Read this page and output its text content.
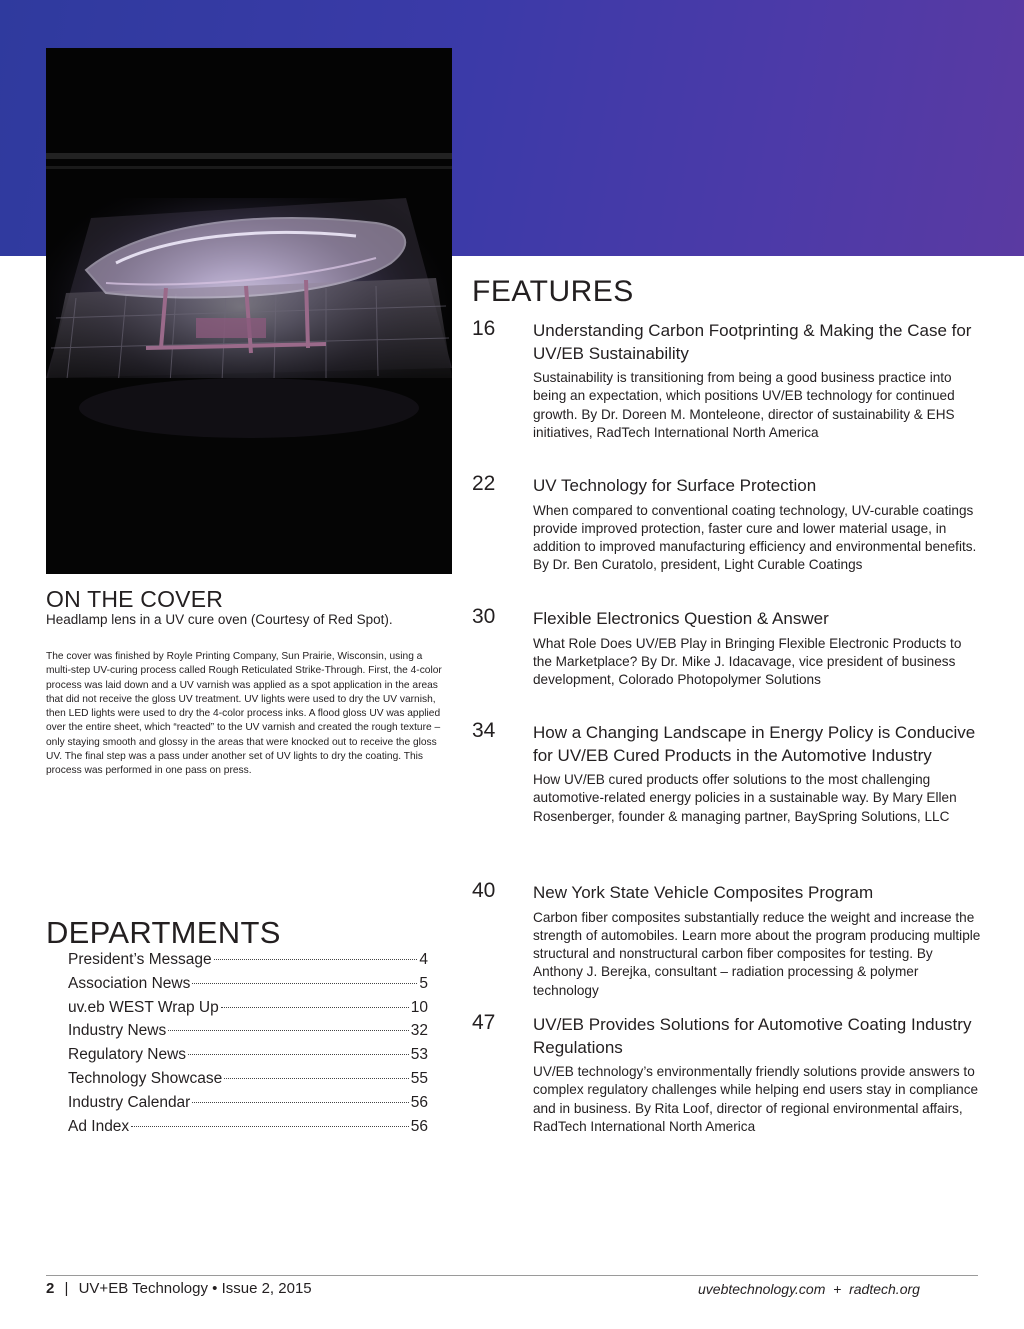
ON THE COVER
Headlamp lens in a UV cure oven (Courtesy of Red Spot).
The cover was finished by Royle Printing Company, Sun Prairie, Wisconsin, using a multi-step UV-curing process called Rough Reticulated Strike-Through. First, the 4-color process was laid down and a UV varnish was applied as a spot application in the areas that did not receive the gloss UV treatment. UV lights were used to dry the UV varnish, then LED lights were used to dry the 4-color process inks. A flood gloss UV was applied over the entire sheet, which “reacted” to the UV varnish and created the rough texture – only staying smooth and glossy in the areas that were knocked out to receive the gloss UV. The final step was a pass under another set of UV lights to dry the coating. This process was performed in one pass on press.
DEPARTMENTS
President’s Message	4
Association News	5
uv.eb WEST Wrap Up	10
Industry News	32
Regulatory News	53
Technology Showcase	55
Industry Calendar	56
Ad Index	56
FEATURES
16 Understanding Carbon Footprinting & Making the Case for UV/EB Sustainability
Sustainability is transitioning from being a good business practice into being an expectation, which positions UV/EB technology for continued growth. By Dr. Doreen M. Monteleone, director of sustainability & EHS initiatives, RadTech International North America
22 UV Technology for Surface Protection
When compared to conventional coating technology, UV-curable coatings provide improved protection, faster cure and lower material usage, in addition to improved manufacturing efficiency and environmental benefits. By Dr. Ben Curatolo, president, Light Curable Coatings
30 Flexible Electronics Question & Answer
What Role Does UV/EB Play in Bringing Flexible Electronic Products to the Marketplace? By Dr. Mike J. Idacavage, vice president of business development, Colorado Photopolymer Solutions
34 How a Changing Landscape in Energy Policy is Conducive for UV/EB Cured Products in the Automotive Industry
How UV/EB cured products offer solutions to the most challenging automotive-related energy policies in a sustainable way. By Mary Ellen Rosenberger, founder & managing partner, BaySpring Solutions, LLC
40 New York State Vehicle Composites Program
Carbon fiber composites substantially reduce the weight and increase the strength of automobiles. Learn more about the program producing multiple structural and nonstructural carbon fiber composites for testing. By Anthony J. Berejka, consultant – radiation processing & polymer technology
47 UV/EB Provides Solutions for Automotive Coating Industry Regulations
UV/EB technology’s environmentally friendly solutions provide answers to complex regulatory challenges while helping end users stay in compliance and in business. By Rita Loof, director of regional environmental affairs, RadTech International North America
2 | UV+EB Technology • Issue 2, 2015	uvebtechnology.com  +  radtech.org
